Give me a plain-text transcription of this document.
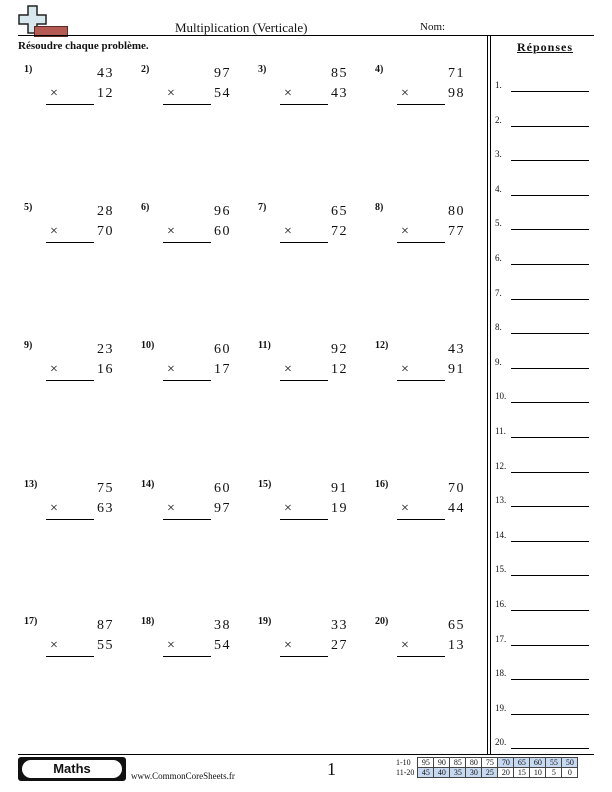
Multiplication (Verticale)	Nom:
Résoudre chaque problème.
1)	43
×	12
2)	97
×	54
3)	85
×	43
4)	71
×	98
5)	28
×	70
6)	96
×	60
7)	65
×	72
8)	80
×	77
9)	23
×	16
10)	60
×	17
11)	92
×	12
12)	43
×	91
13)	75
×	63
14)	60
×	97
15)	91
×	19
16)	70
×	44
17)	87
×	55
18)	38
×	54
19)	33
×	27
20)	65
×	13
Réponses
1.
2.
3.
4.
5.
6.
7.
8.
9.
10.
11.
12.
13.
14.
15.
16.
17.
18.
19.
20.
Maths	www.CommonCoreSheets.fr	1	1-10	95	90	85	80	75	70	65	60	55	50
11-20	45	40	35	30	25	20	15	10	5	0
